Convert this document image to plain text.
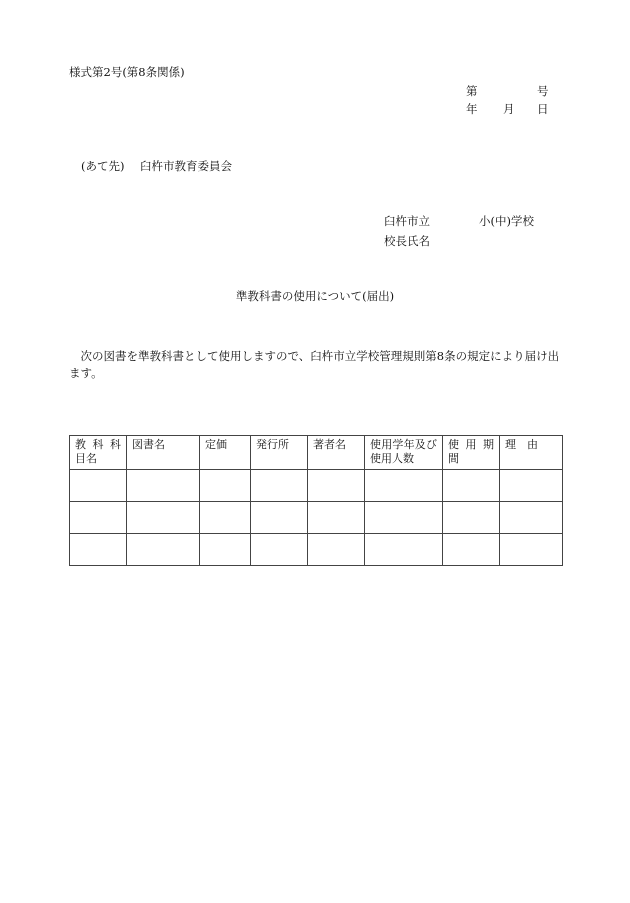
様式第2号(第8条関係)
第	号
年 月 日
(あて先) 臼杵市教育委員会
臼杵市立	小(中)学校
校長氏名
準教科書の使用について(届出)
次の図書を準教科書として使用しますので、臼杵市立学校管理規則第8条の規定により届け出ます。
教 科 科 目名	図書名	定価	発行所	著者名	使用学年及び使用人数	使 用 期 間	理　由
